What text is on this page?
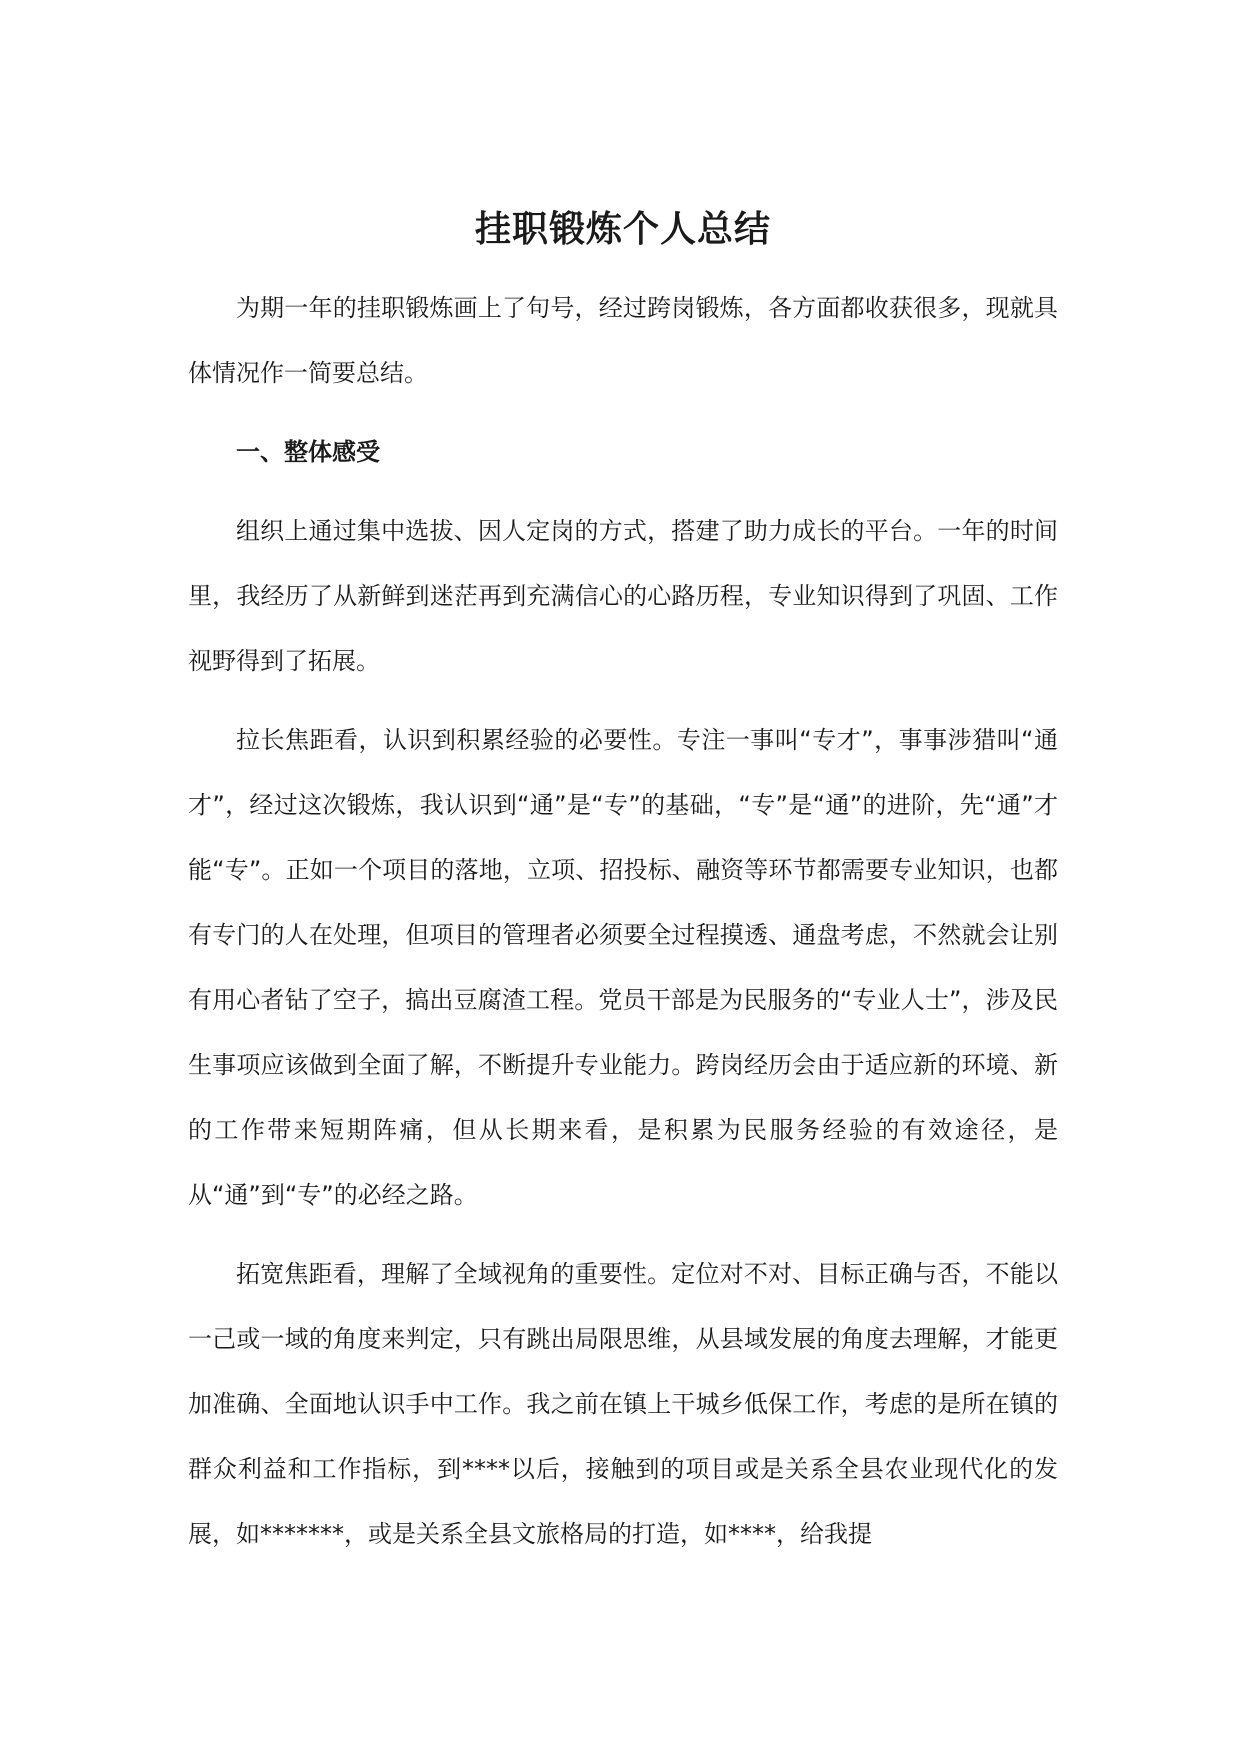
挂职锻炼个人总结

为期一年的挂职锻炼画上了句号，经过跨岗锻炼，各方面都收获很多，现就具体情况作一简要总结。

一、整体感受

组织上通过集中选拔、因人定岗的方式，搭建了助力成长的平台。一年的时间里，我经历了从新鲜到迷茫再到充满信心的心路历程，专业知识得到了巩固、工作视野得到了拓展。

拉长焦距看，认识到积累经验的必要性。专注一事叫“专才”，事事涉猎叫“通才”，经过这次锻炼，我认识到“通”是“专”的基础，“专”是“通”的进阶，先“通”才能“专”。正如一个项目的落地，立项、招投标、融资等环节都需要专业知识，也都有专门的人在处理，但项目的管理者必须要全过程摸透、通盘考虑，不然就会让别有用心者钻了空子，搞出豆腐渣工程。党员干部是为民服务的“专业人士”，涉及民生事项应该做到全面了解，不断提升专业能力。跨岗经历会由于适应新的环境、新的工作带来短期阵痛，但从长期来看，是积累为民服务经验的有效途径，是从“通”到“专”的必经之路。

拓宽焦距看，理解了全域视角的重要性。定位对不对、目标正确与否，不能以一己或一域的角度来判定，只有跳出局限思维，从县域发展的角度去理解，才能更加准确、全面地认识手中工作。我之前在镇上干城乡低保工作，考虑的是所在镇的群众利益和工作指标，到****以后，接触到的项目或是关系全县农业现代化的发展，如*******，或是关系全县文旅格局的打造，如****，给我提
